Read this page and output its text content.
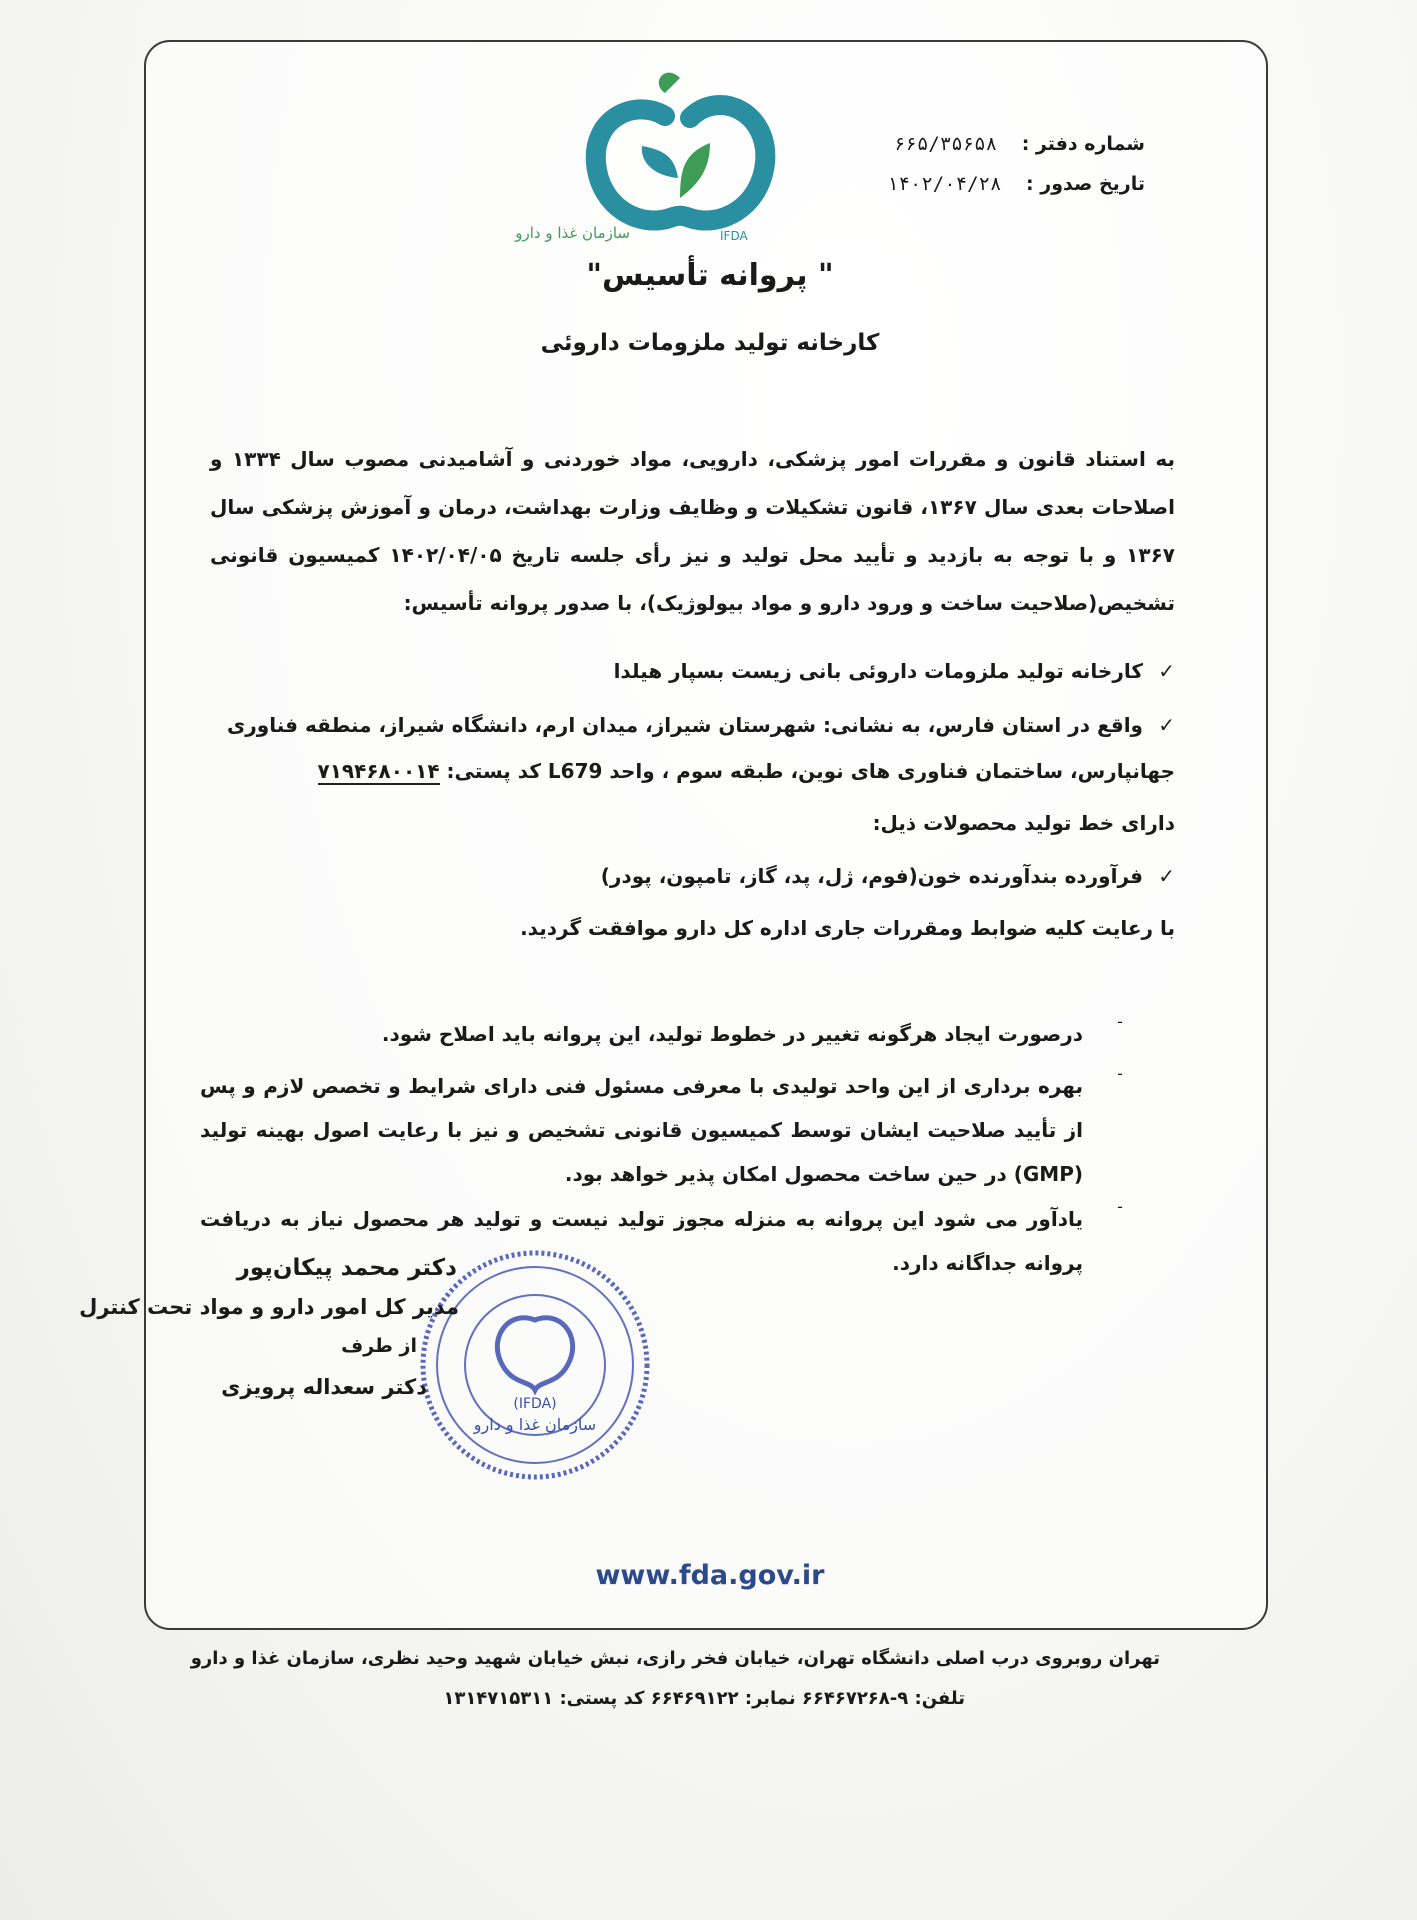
شماره دفتر : ۶۶۵/۳۵۶۵۸
تاریخ صدور : ۱۴۰۲/۰۴/۲۸
سازمان غذا و دارو	IFDA
" پروانه تأسیس"
کارخانه تولید ملزومات داروئی
به استناد قانون و مقررات امور پزشکی، دارویی، مواد خوردنی و آشامیدنی مصوب سال ۱۳۳۴ و اصلاحات بعدی سال ۱۳۶۷، قانون تشکیلات و وظایف وزارت بهداشت، درمان و آموزش پزشکی سال ۱۳۶۷ و با توجه به بازدید و تأیید محل تولید و نیز رأی جلسه تاریخ ۱۴۰۲/۰۴/۰۵ کمیسیون قانونی تشخیص(صلاحیت ساخت و ورود دارو و مواد بیولوژیک)، با صدور پروانه تأسیس:
✓کارخانه تولید ملزومات داروئی بانی زیست بسپار هیلدا
✓واقع در استان فارس، به نشانی: شهرستان شیراز، میدان ارم، دانشگاه شیراز، منطقه فناوری
جهانپارس، ساختمان فناوری های نوین، طبقه سوم ، واحد L679 کد پستی: ۷۱۹۴۶۸۰۰۱۴
دارای خط تولید محصولات ذیل:
✓فرآورده بندآورنده خون(فوم، ژل، پد، گاز، تامپون، پودر)
با رعایت کلیه ضوابط ومقررات جاری اداره کل دارو موافقت گردید.
-
درصورت ایجاد هرگونه تغییر در خطوط تولید، این پروانه باید اصلاح شود.
-
بهره برداری از این واحد تولیدی با معرفی مسئول فنی دارای شرایط و تخصص لازم و پس از تأیید صلاحیت ایشان توسط کمیسیون قانونی تشخیص و نیز با رعایت اصول بهینه تولید (GMP) در حین ساخت محصول امکان پذیر خواهد بود.
-
یادآور می شود این پروانه به منزله مجوز تولید نیست و تولید هر محصول نیاز به دریافت پروانه جداگانه دارد.
(IFDA)
سازمان غذا و دارو
دکتر محمد پیکان‌پور
مدیر کل امور دارو و مواد تحت کنترل
از طرف
دکتر سعداله پرویزی
www.fda.gov.ir
تهران روبروی درب اصلی دانشگاه تهران، خیابان فخر رازی، نبش خیابان شهید وحید نظری، سازمان غذا و دارو
تلفن: ۹-۶۶۴۶۷۲۶۸ نمابر: ۶۶۴۶۹۱۲۲ کد پستی: ۱۳۱۴۷۱۵۳۱۱
